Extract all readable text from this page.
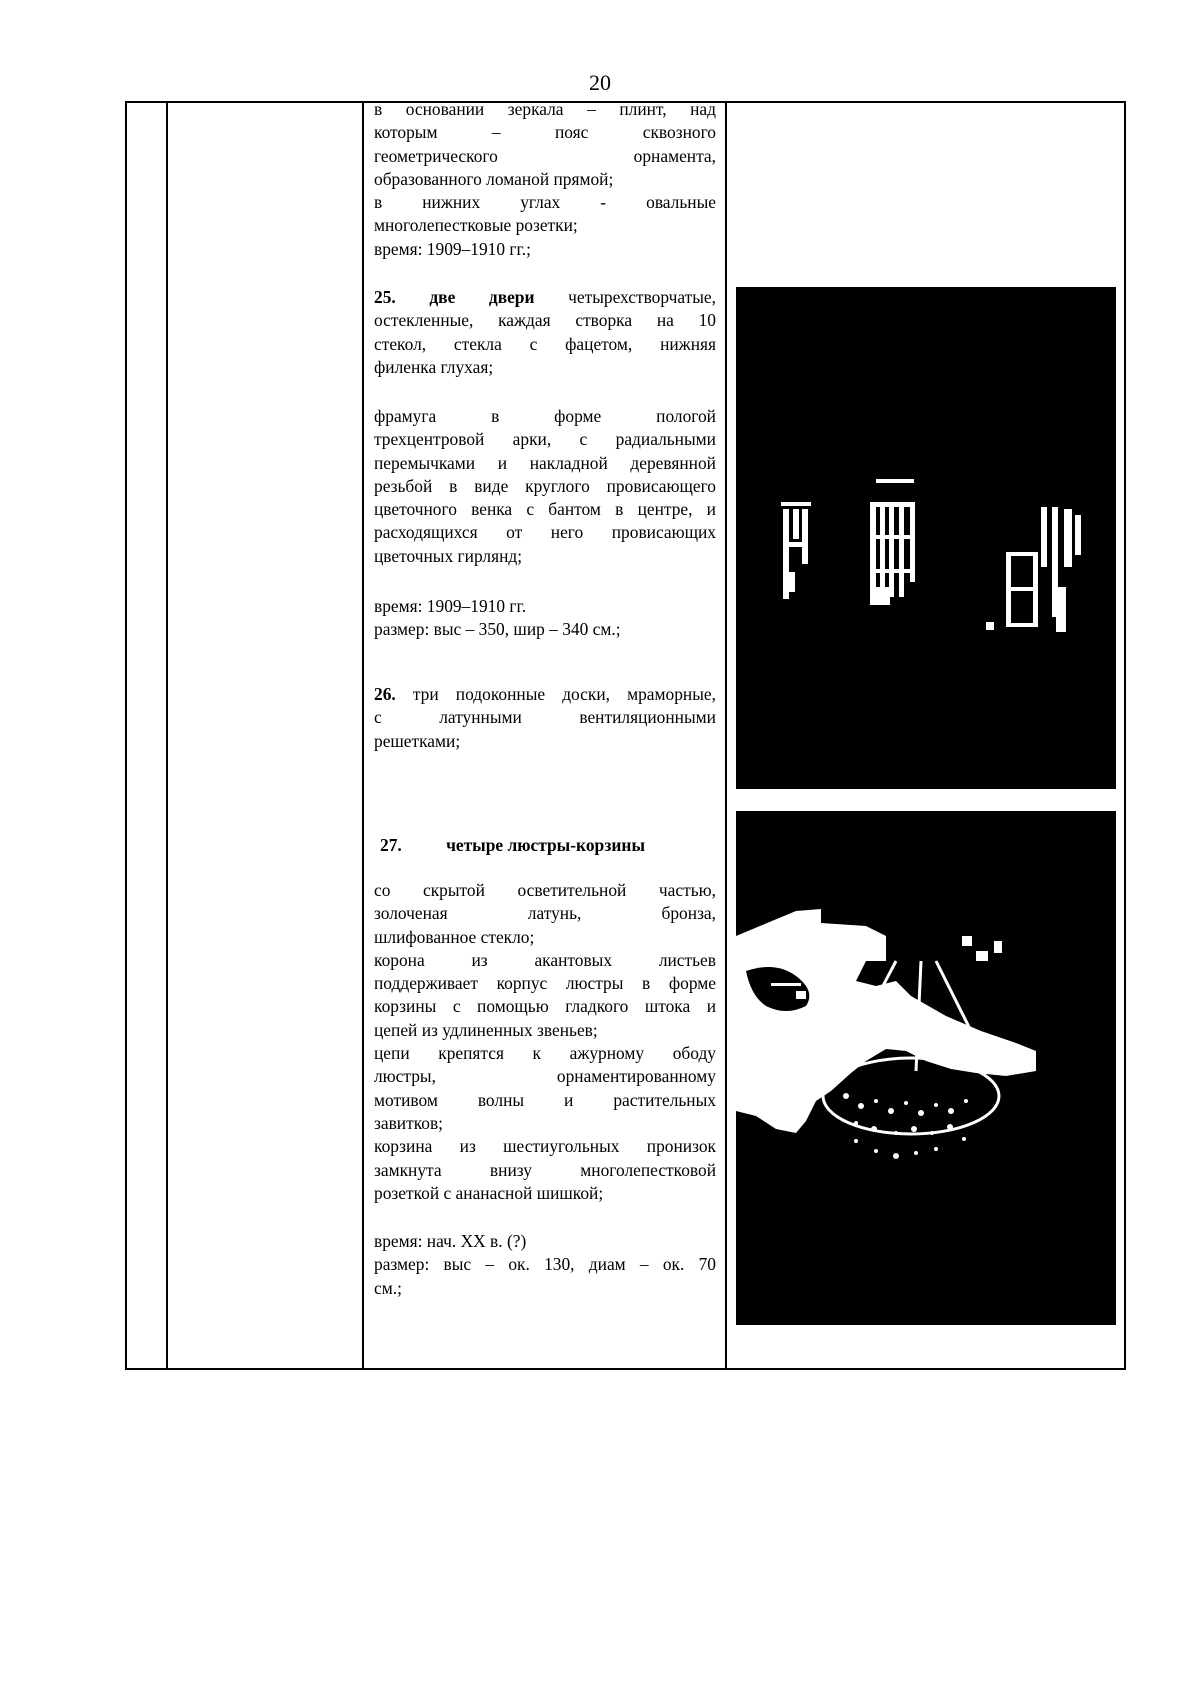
20

в основании зеркала – плинт, над

которым – пояс сквозного

геометрического орнамента,

образованного ломаной прямой;

в нижних углах - овальные

многолепестковые розетки;

время: 1909–1910 гг.;

25. две двери четырехстворчатые,

остекленные, каждая створка на 10

стекол, стекла с фацетом, нижняя

филенка глухая;

фрамуга в форме пологой

трехцентровой арки, с радиальными

перемычками и накладной деревянной

резьбой в виде круглого провисающего

цветочного венка с бантом в центре, и

расходящихся от него провисающих

цветочных гирлянд;

время: 1909–1910 гг.

размер: выс – 350, шир – 340 см.;

26. три подоконные доски, мраморные,

с латунными вентиляционными

решетками;

27.	четыре люстры-корзины

со скрытой осветительной частью,

золоченая латунь, бронза,

шлифованное стекло;

корона из акантовых листьев

поддерживает корпус люстры в форме

корзины с помощью гладкого штока и

цепей из удлиненных звеньев;

цепи крепятся к ажурному ободу

люстры, орнаментированному

мотивом волны и растительных

завитков;

корзина из шестиугольных пронизок

замкнута внизу многолепестковой

розеткой с ананасной шишкой;

время: нач. XX в. (?)

размер: выс – ок. 130, диам – ок. 70

см.;
